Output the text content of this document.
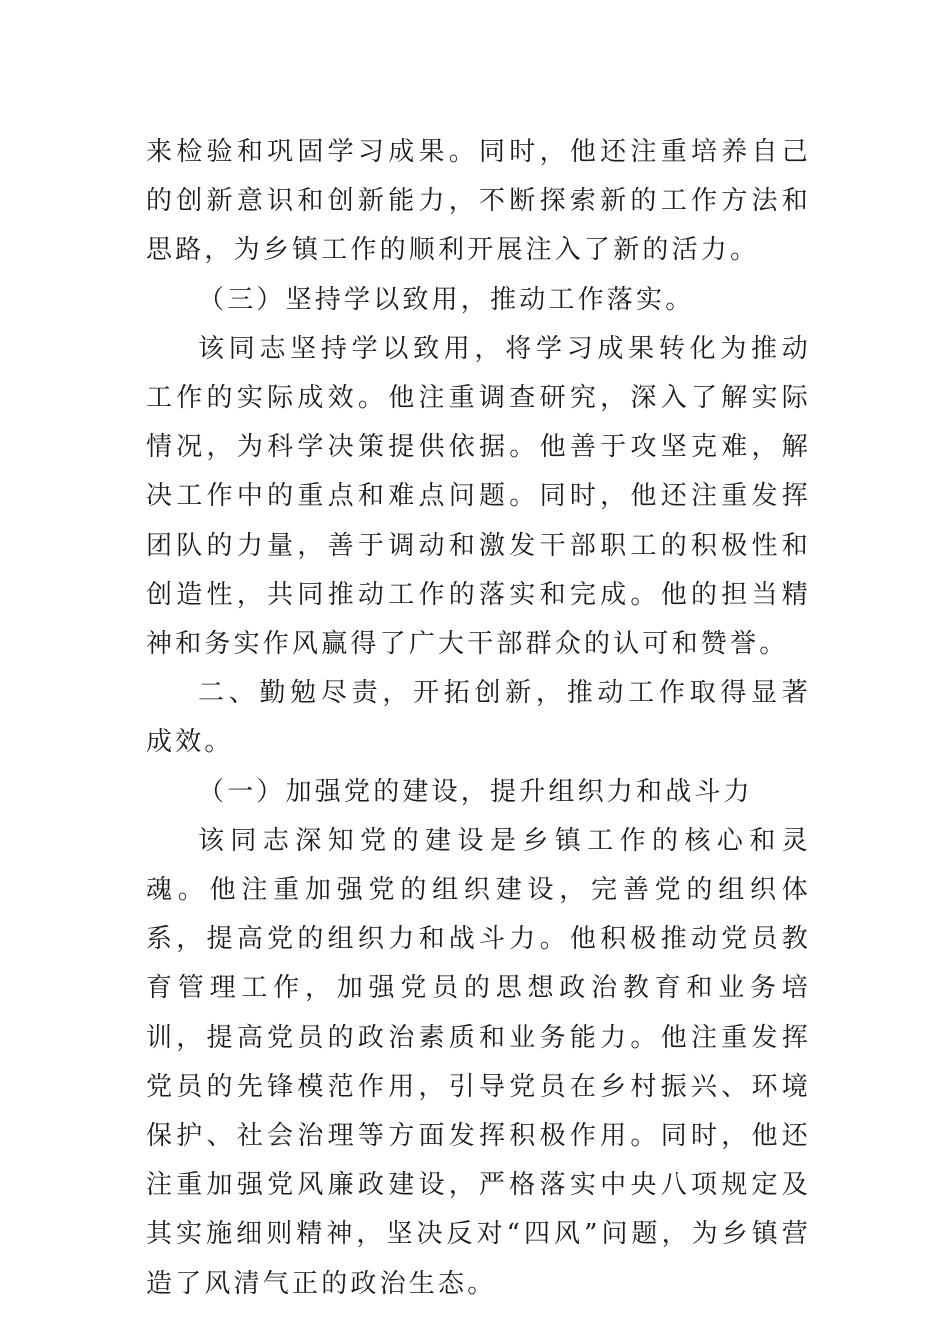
来检验和巩固学习成果。同时，他还注重培养自己的创新意识和创新能力，不断探索新的工作方法和思路，为乡镇工作的顺利开展注入了新的活力。

（三）坚持学以致用，推动工作落实。

该同志坚持学以致用，将学习成果转化为推动工作的实际成效。他注重调查研究，深入了解实际情况，为科学决策提供依据。他善于攻坚克难，解决工作中的重点和难点问题。同时，他还注重发挥团队的力量，善于调动和激发干部职工的积极性和创造性，共同推动工作的落实和完成。他的担当精神和务实作风赢得了广大干部群众的认可和赞誉。

二、勤勉尽责，开拓创新，推动工作取得显著成效。

（一）加强党的建设，提升组织力和战斗力

该同志深知党的建设是乡镇工作的核心和灵魂。他注重加强党的组织建设，完善党的组织体系，提高党的组织力和战斗力。他积极推动党员教育管理工作，加强党员的思想政治教育和业务培训，提高党员的政治素质和业务能力。他注重发挥党员的先锋模范作用，引导党员在乡村振兴、环境保护、社会治理等方面发挥积极作用。同时，他还注重加强党风廉政建设，严格落实中央八项规定及其实施细则精神，坚决反对“四风”问题，为乡镇营造了风清气正的政治生态。
